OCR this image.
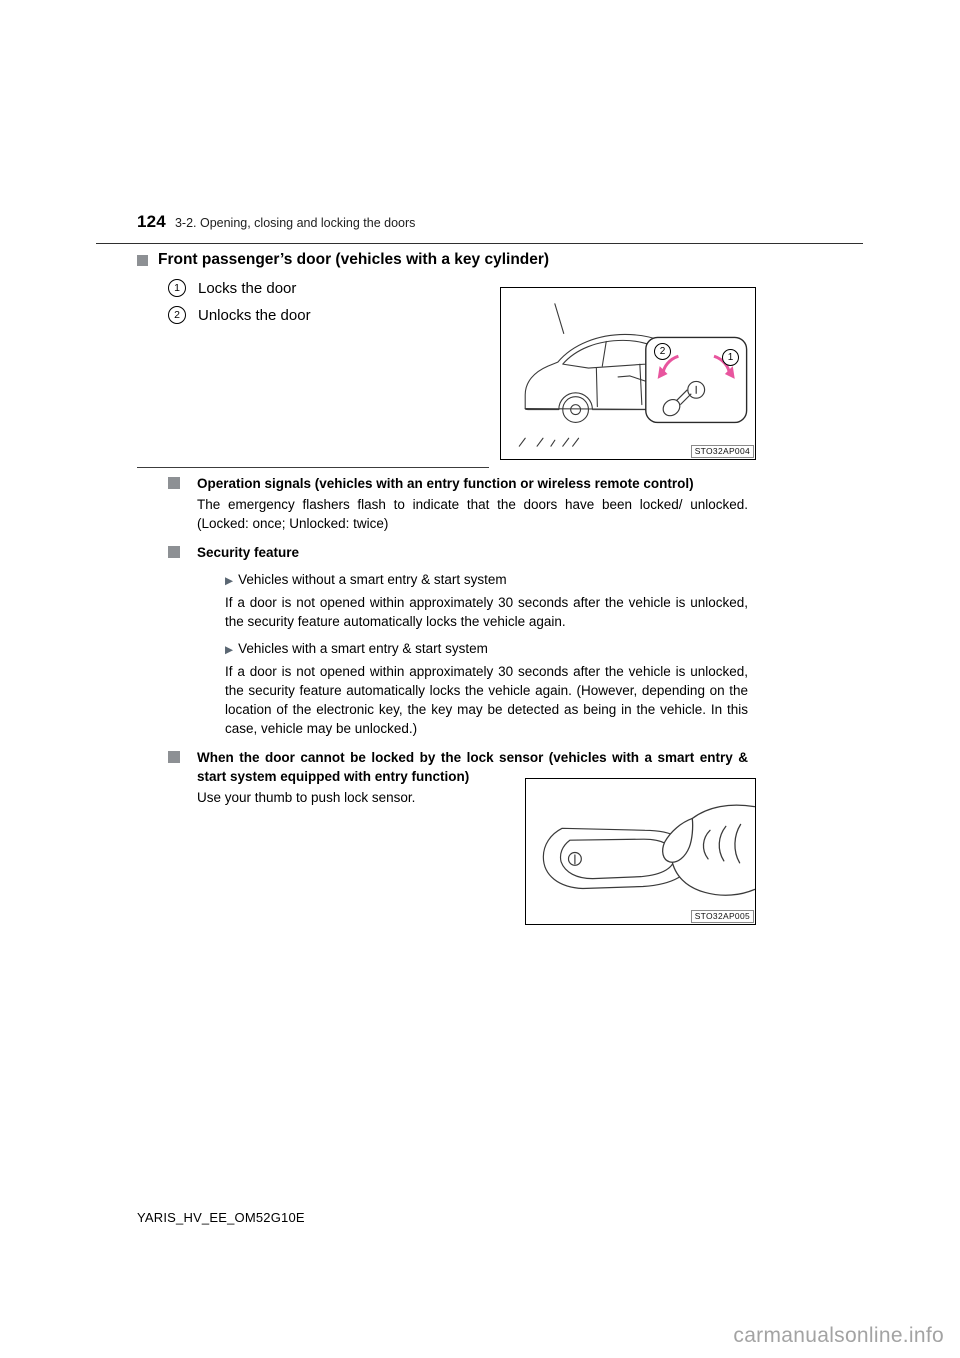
124 3-2. Opening, closing and locking the doors
Front passenger’s door (vehicles with a key cylinder)
1	Locks the door
2	Unlocks the door
2
1
STO32AP004
Operation signals (vehicles with an entry function or wireless remote control)
The emergency flashers flash to indicate that the doors have been locked/ unlocked. (Locked: once; Unlocked: twice)
Security feature
▶ Vehicles without a smart entry & start system
If a door is not opened within approximately 30 seconds after the vehicle is unlocked, the security feature automatically locks the vehicle again.
▶ Vehicles with a smart entry & start system
If a door is not opened within approximately 30 seconds after the vehicle is unlocked, the security feature automatically locks the vehicle again. (However, depending on the location of the electronic key, the key may be detected as being in the vehicle. In this case, vehicle may be unlocked.)
When the door cannot be locked by the lock sensor (vehicles with a smart entry & start system equipped with entry function)
Use your thumb to push lock sensor.
STO32AP005
YARIS_HV_EE_OM52G10E
carmanualsonline.info
